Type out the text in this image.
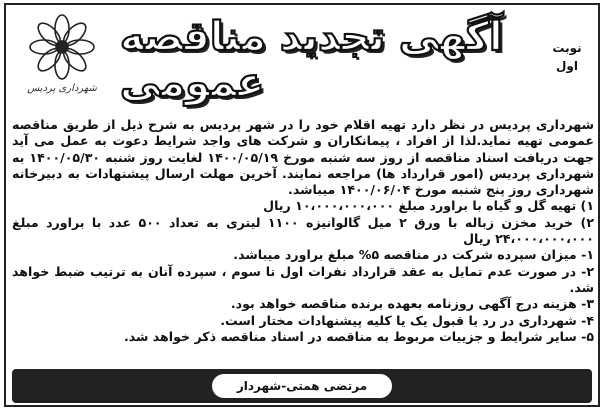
شهرداری پردیس
آگهی تجدید مناقصه عمومی
نوبت
اول

شهرداری پردیس در نظر دارد تهیه اقلام خود را در شهر پردیس به شرح ذیل از طریق مناقصه عمومی تهیه نماید.لذا از افراد ، پیمانکاران و شرکت های واجد شرایط دعوت به عمل می آید جهت دریافت اسناد مناقصه از روز سه شنبه مورخ ۱۴۰۰/۰۵/۱۹ لغایت روز شنبه ۱۴۰۰/۰۵/۳۰ به شهرداری پردیس (امور قرارداد ها) مراجعه نمایند. آخرین مهلت ارسال پیشنهادات به دبیرخانه شهرداری روز پنج شنبه مورخ ۱۴۰۰/۰۶/۰۴ میباشد.

۱) تهیه گل و گیاه با براورد مبلغ ۱۰،۰۰۰،۰۰۰،۰۰۰ ریال

۲) خرید مخزن زباله با ورق ۲ میل گالوانیزه ۱۱۰۰ لیتری به تعداد ۵۰۰ عدد با براورد مبلغ ۲۴،۰۰۰،۰۰۰،۰۰۰ ریال

۱- میزان سپرده شرکت در مناقصه ۵% مبلغ براورد میباشد.

۲- در صورت عدم تمایل به عقد قرارداد نفرات اول تا سوم ، سپرده آنان به ترتیب ضبط خواهد شد.

۳- هزینه درج آگهی روزنامه بعهده برنده مناقصه خواهد بود.

۴- شهرداری در رد یا قبول یک یا کلیه پیشنهادات مختار است.

۵- سایر شرایط و جزییات مربوط به مناقصه در اسناد مناقصه ذکر خواهد شد.

مرتضی همتی-شهردار
